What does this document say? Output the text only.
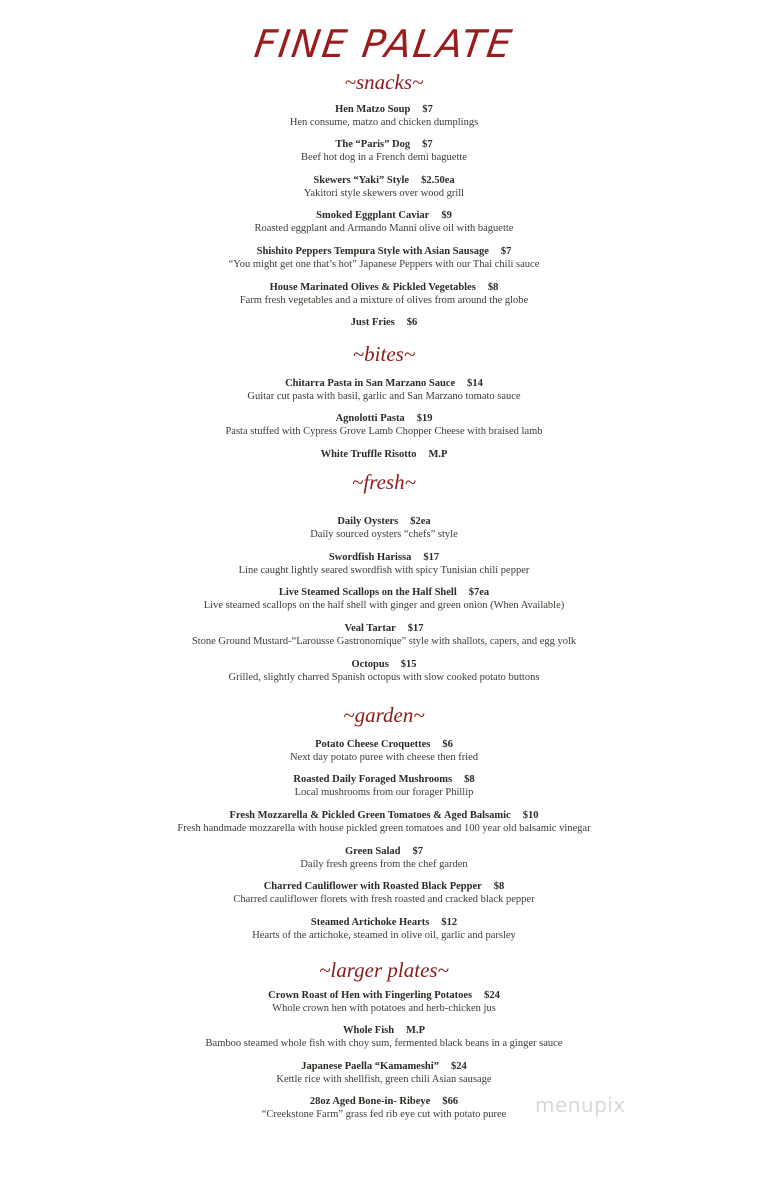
FINE PALATE
~snacks~
Hen Matzo Soup $7
Hen consume, matzo and chicken dumplings
The “Paris” Dog $7
Beef hot dog in a French demi baguette
Skewers “Yaki” Style $2.50ea
Yakitori style skewers over wood grill
Smoked Eggplant Caviar $9
Roasted eggplant and Armando Manni olive oil with baguette
Shishito Peppers Tempura Style with Asian Sausage $7
“You might get one that’s hot” Japanese Peppers with our Thai chili sauce
House Marinated Olives & Pickled Vegetables $8
Farm fresh vegetables and a mixture of olives from around the globe
Just Fries $6
~bites~
Chitarra Pasta in San Marzano Sauce $14
Guitar cut pasta with basil, garlic and San Marzano tomato sauce
Agnolotti Pasta $19
Pasta stuffed with Cypress Grove Lamb Chopper Cheese with braised lamb
White Truffle Risotto M.P
~fresh~
Daily Oysters $2ea
Daily sourced oysters “chefs” style
Swordfish Harissa $17
Line caught lightly seared swordfish with spicy Tunisian chili pepper
Live Steamed Scallops on the Half Shell $7ea
Live steamed scallops on the half shell with ginger and green onion (When Available)
Veal Tartar $17
Stone Ground Mustard-“Larousse Gastronomique” style with shallots, capers, and egg yolk
Octopus $15
Grilled, slightly charred Spanish octopus with slow cooked potato buttons
~garden~
Potato Cheese Croquettes $6
Next day potato puree with cheese then fried
Roasted Daily Foraged Mushrooms $8
Local mushrooms from our forager Phillip
Fresh Mozzarella & Pickled Green Tomatoes & Aged Balsamic $10
Fresh handmade mozzarella with house pickled green tomatoes and 100 year old balsamic vinegar
Green Salad $7
Daily fresh greens from the chef garden
Charred Cauliflower with Roasted Black Pepper $8
Charred cauliflower florets with fresh roasted and cracked black pepper
Steamed Artichoke Hearts $12
Hearts of the artichoke, steamed in olive oil, garlic and parsley
~larger plates~
Crown Roast of Hen with Fingerling Potatoes $24
Whole crown hen with potatoes and herb-chicken jus
Whole Fish M.P
Bamboo steamed whole fish with choy sum, fermented black beans in a ginger sauce
Japanese Paella “Kamameshi” $24
Kettle rice with shellfish, green chili Asian sausage
28oz Aged Bone-in- Ribeye $66
“Creekstone Farm” grass fed rib eye cut with potato puree	menupix
